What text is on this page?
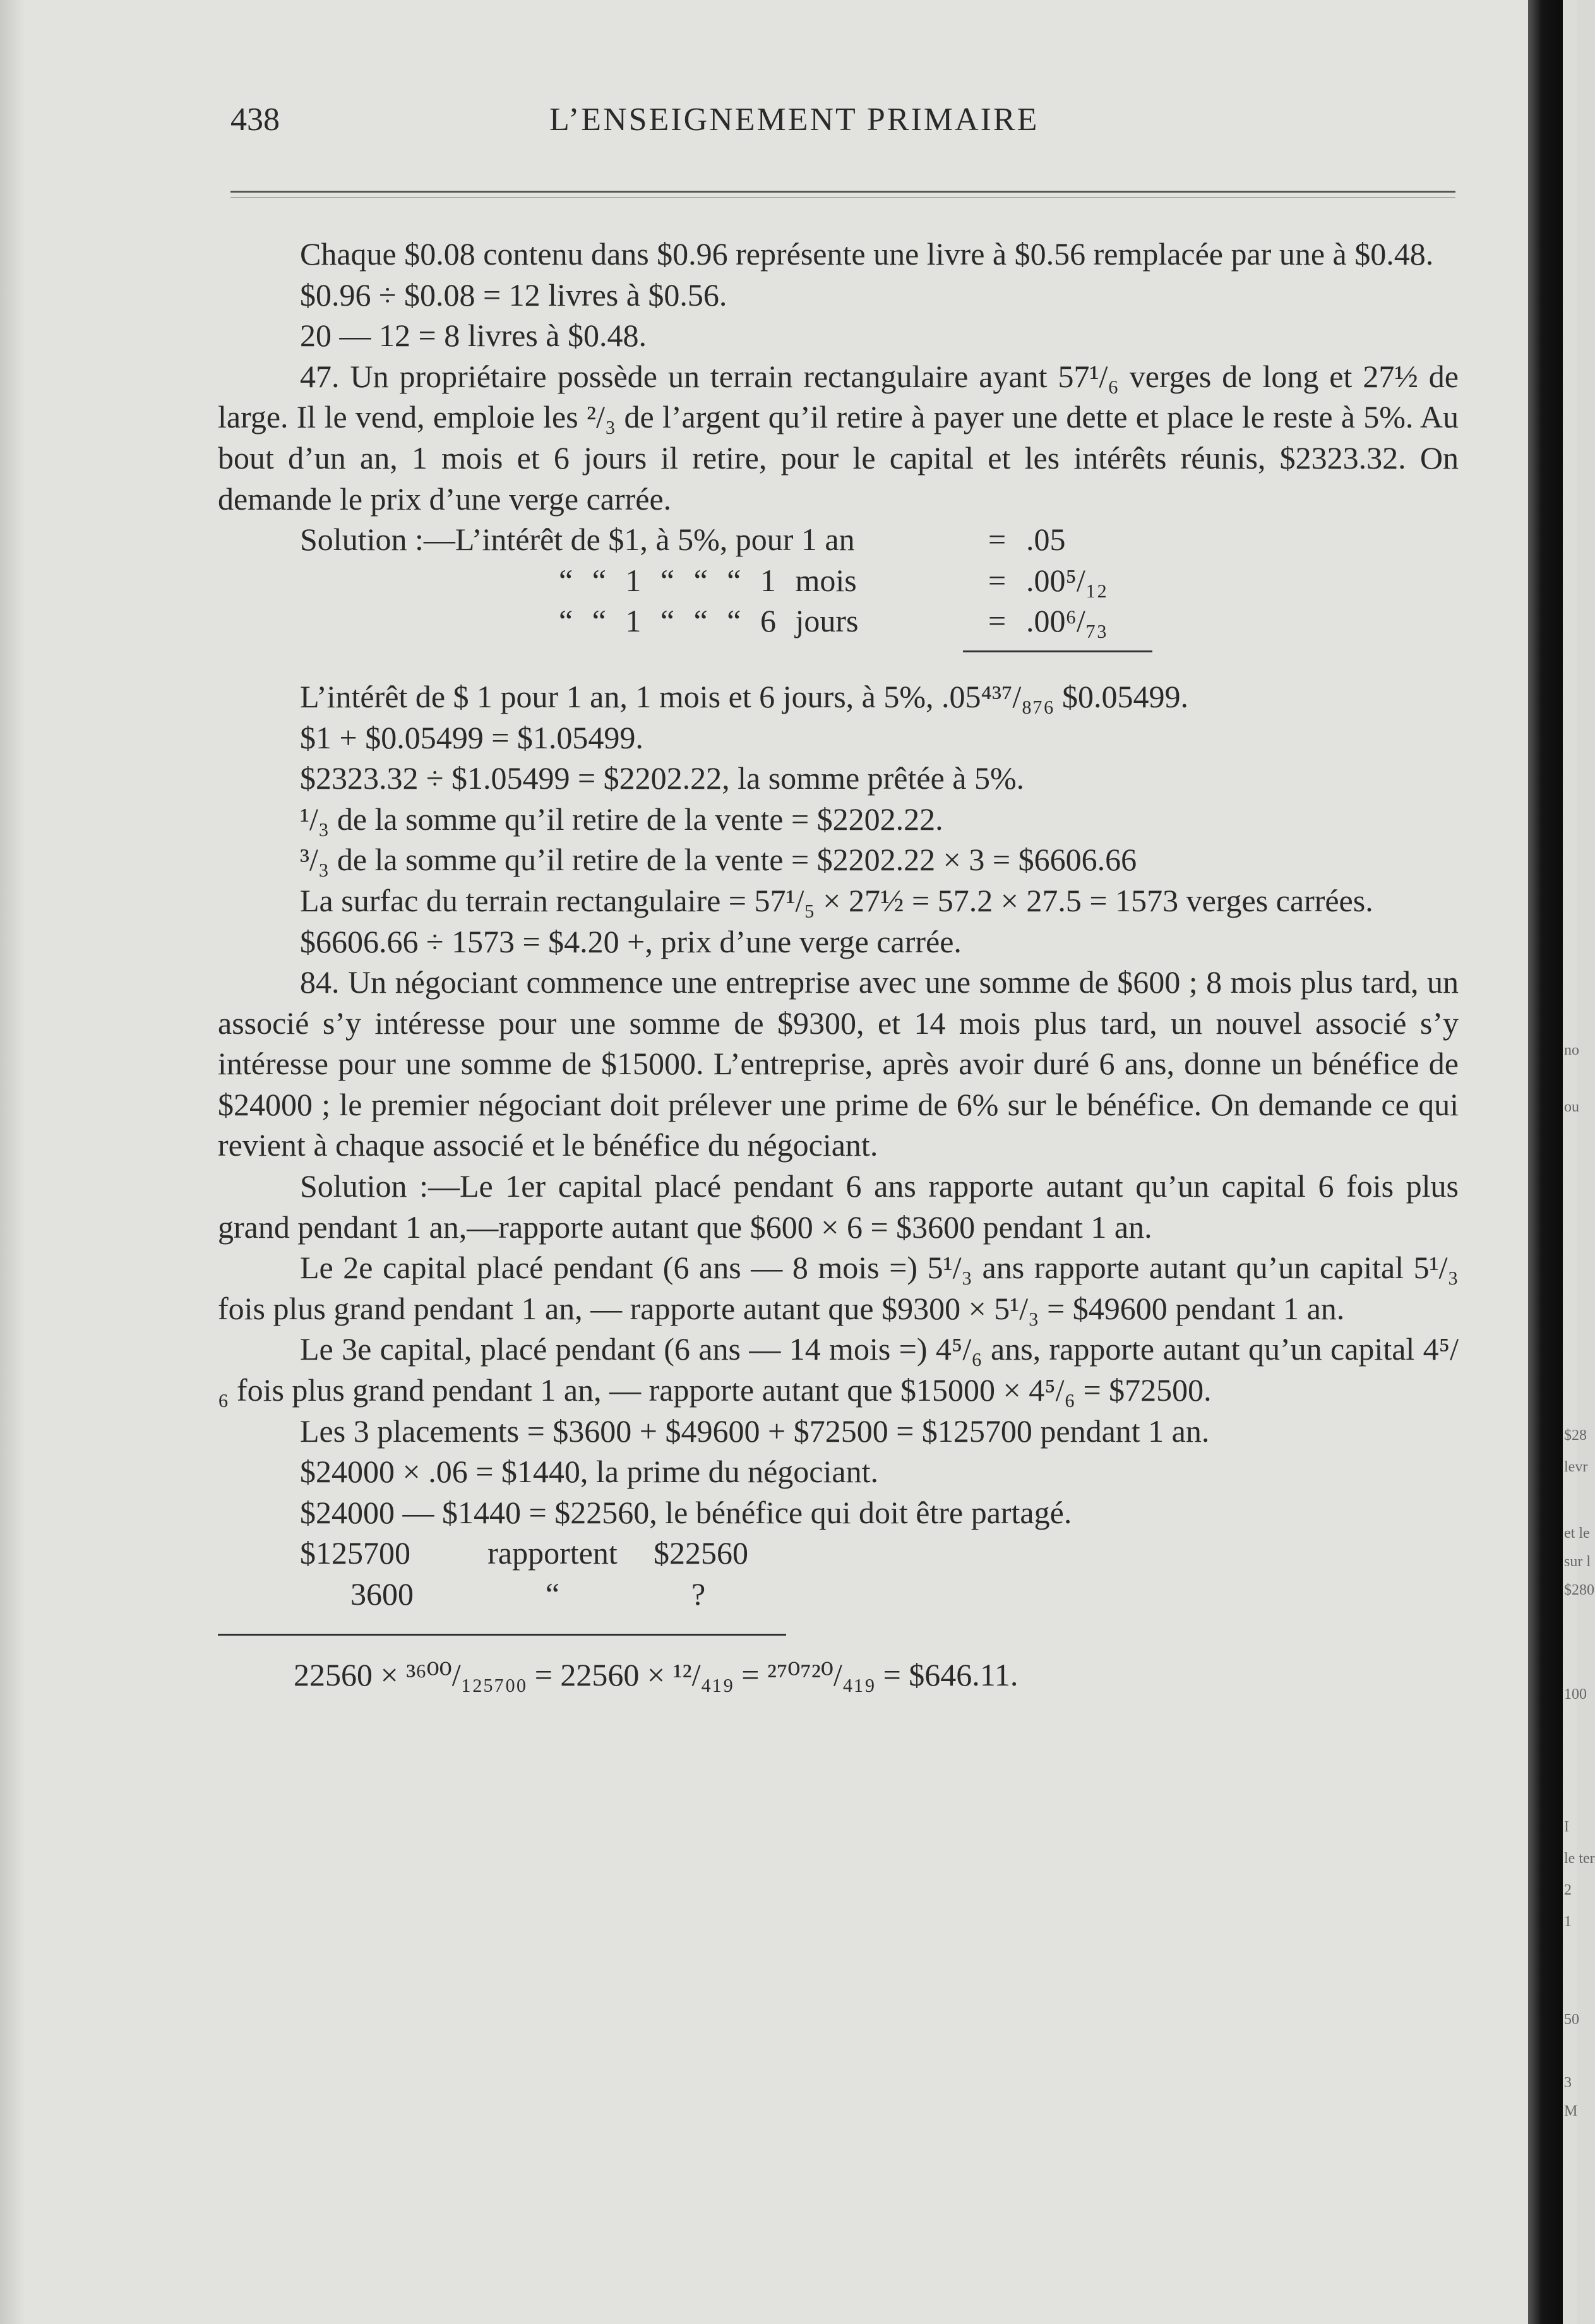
no
ou
$28
levr
et le
sur l
$280
100
I
le ter
2
1
50
3
M
438	L’ENSEIGNEMENT PRIMAIRE

Chaque $0.08 contenu dans $0.96 représente une livre à $0.56 remplacée par une à $0.48.

$0.96 ÷ $0.08 = 12 livres à $0.56.

20 — 12 = 8 livres à $0.48.

47. Un propriétaire possède un terrain rectangulaire ayant 57¹/₆ verges de long et 27½ de large. Il le vend, emploie les ²/₃ de l’argent qu’il retire à payer une dette et place le reste à 5%. Au bout d’un an, 1 mois et 6 jours il retire, pour le capital et les intérêts réunis, $2323.32. On demande le prix d’une verge carrée.

Solution :—L’intérêt de $1, à 5%, pour 1 an	= .05
“ “ 1 “ “ “ 1 mois	= .00⁵/₁₂
“ “ 1 “ “ “ 6 jours	= .00⁶/₇₃

L’intérêt de $ 1 pour 1 an, 1 mois et 6 jours, à 5%, .05⁴³⁷/₈₇₆ $0.05499.

$1 + $0.05499 = $1.05499.

$2323.32 ÷ $1.05499 = $2202.22, la somme prêtée à 5%.

¹/₃ de la somme qu’il retire de la vente = $2202.22.

³/₃ de la somme qu’il retire de la vente = $2202.22 × 3 = $6606.66

La surfac du terrain rectangulaire = 57¹/₅ × 27½ = 57.2 × 27.5 = 1573 verges carrées.

$6606.66 ÷ 1573 = $4.20 +, prix d’une verge carrée.

84. Un négociant commence une entreprise avec une somme de $600 ; 8 mois plus tard, un associé s’y intéresse pour une somme de $9300, et 14 mois plus tard, un nouvel associé s’y intéresse pour une somme de $15000. L’entreprise, après avoir duré 6 ans, donne un bénéfice de $24000 ; le premier négociant doit prélever une prime de 6% sur le bénéfice. On demande ce qui revient à chaque associé et le bénéfice du négociant.

Solution :—Le 1er capital placé pendant 6 ans rapporte autant qu’un capital 6 fois plus grand pendant 1 an,—rapporte autant que $600 × 6 = $3600 pendant 1 an.

Le 2e capital placé pendant (6 ans — 8 mois =) 5¹/₃ ans rapporte autant qu’un capital 5¹/₃ fois plus grand pendant 1 an, — rapporte autant que $9300 × 5¹/₃ = $49600 pendant 1 an.

Le 3e capital, placé pendant (6 ans — 14 mois =) 4⁵/₆ ans, rapporte autant qu’un capital 4⁵/₆ fois plus grand pendant 1 an, — rapporte autant que $15000 × 4⁵/₆ = $72500.

Les 3 placements = $3600 + $49600 + $72500 = $125700 pendant 1 an.

$24000 × .06 = $1440, la prime du négociant.

$24000 — $1440 = $22560, le bénéfice qui doit être partagé.

$125700 rapportent $22560

3600	“	?

22560 × ³⁶⁰⁰/₁₂₅₇₀₀ = 22560 × ¹²/₄₁₉ = ²⁷⁰⁷²⁰/₄₁₉ = $646.11.
